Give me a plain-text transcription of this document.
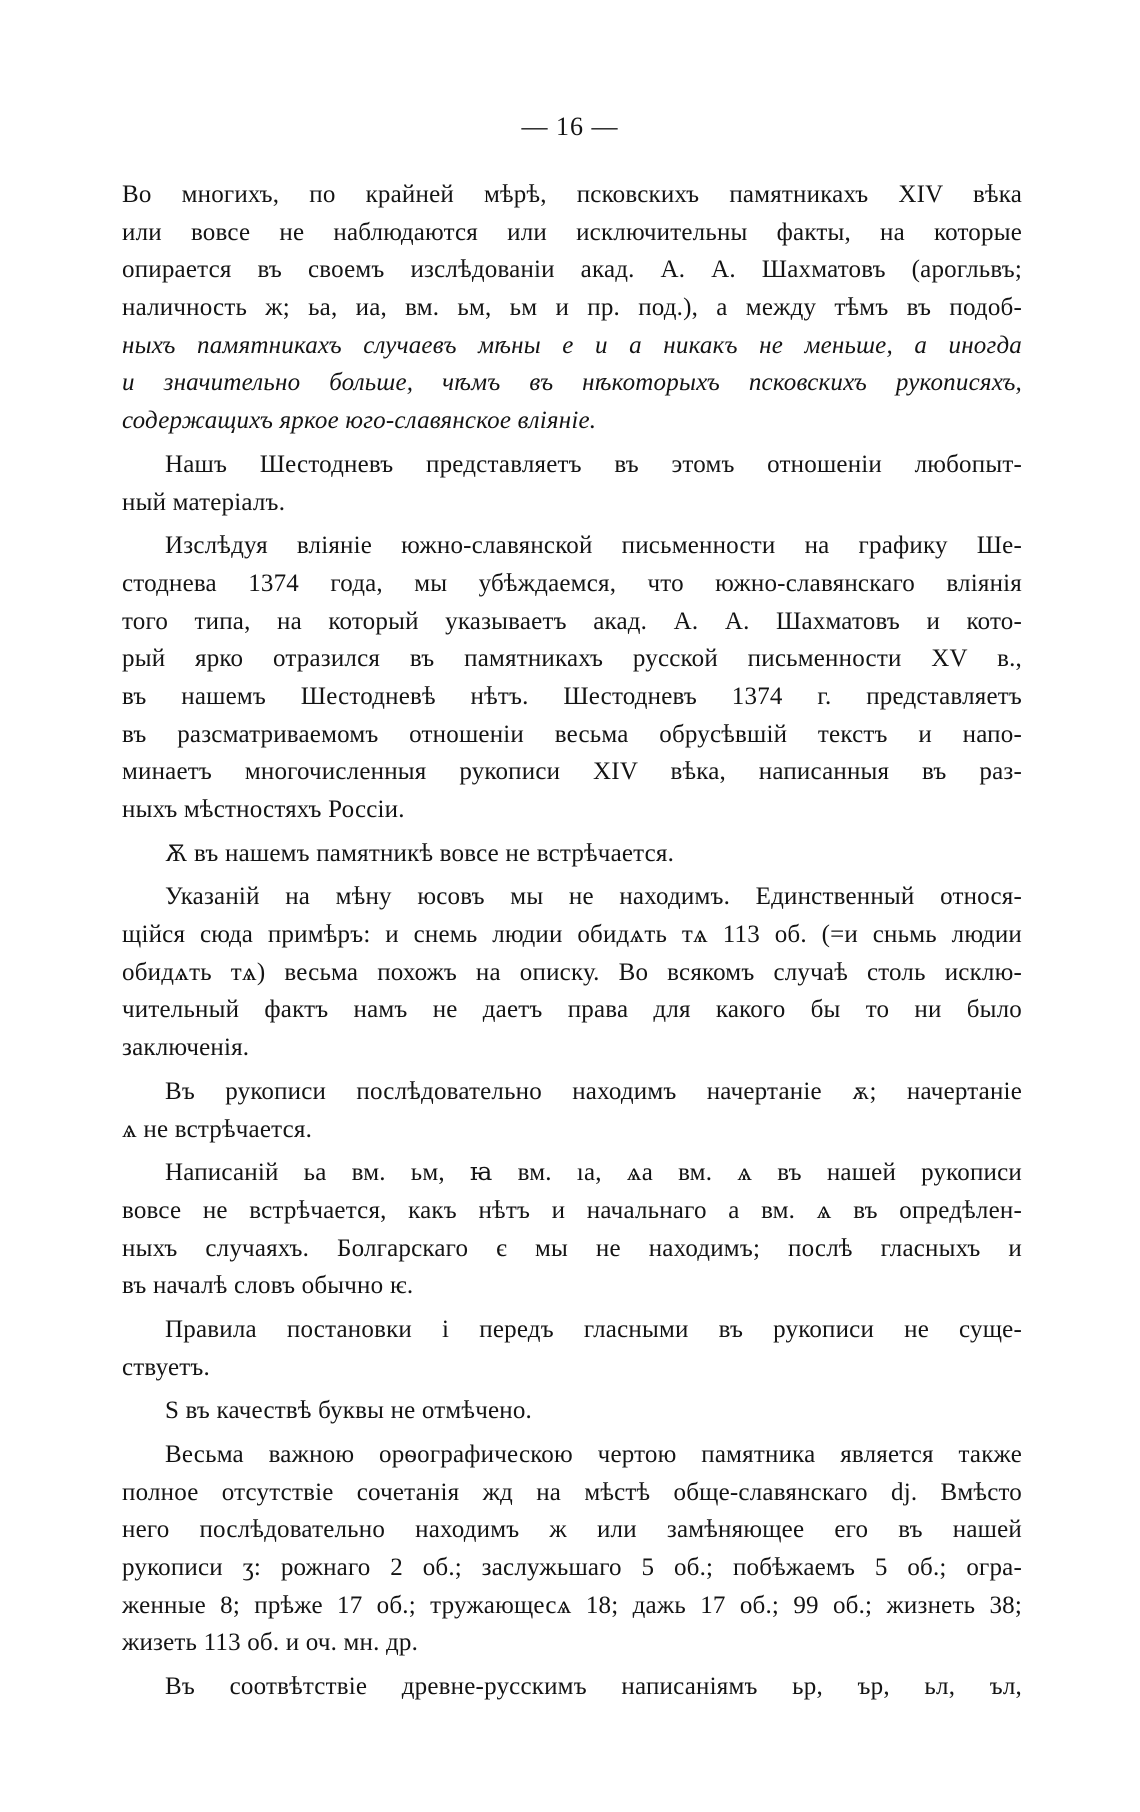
— 16 —
Во многихъ, по крайней мѣрѣ, псковскихъ памятникахъ XIV вѣка
или вовсе не наблюдаются или исключительны факты, на которые
опирается въ своемъ изслѣдованіи акад. А. А. Шахматовъ (арогльвъ;
наличность ж; ьа, иа, вм. ьм, ьм и пр. под.), а между тѣмъ въ подоб-
ныхъ памятникахъ случаевъ мѣны е и а никакъ не меньше, а иногда
и значительно больше, чѣмъ въ нѣкоторыхъ псковскихъ рукописяхъ,
содержащихъ яркое юго-славянское вліяніе.
Нашъ Шестодневъ представляетъ въ этомъ отношеніи любопыт-
ный матеріалъ.
Изслѣдуя вліяніе южно-славянской письменности на графику Ше-
стоднева 1374 года, мы убѣждаемся, что южно-славянскаго вліянія
того типа, на который указываетъ акад. А. А. Шахматовъ и кото-
рый ярко отразился въ памятникахъ русской письменности XV в.,
въ нашемъ Шестодневѣ нѣтъ. Шестодневъ 1374 г. представляетъ
въ разсматриваемомъ отношеніи весьма обрусѣвшій текстъ и напо-
минаетъ многочисленныя рукописи XIV вѣка, написанныя въ раз-
ныхъ мѣстностяхъ Россіи.
Ѫ въ нашемъ памятникѣ вовсе не встрѣчается.
Указаній на мѣну юсовъ мы не находимъ. Единственный относя-
щійся сюда примѣръ: и снемь людии обидѧть тѧ 113 об. (=и сньмь людии
обидѧть тѧ) весьма похожъ на описку. Во всякомъ случаѣ столь исклю-
чительный фактъ намъ не даетъ права для какого бы то ни было
заключенія.
Въ рукописи послѣдовательно находимъ начертаніе ѫ; начертаніе
ѧ не встрѣчается.
Написаній ьа вм. ьм, ꙗ вм. ıа, ѧа вм. ѧ въ нашей рукописи
вовсе не встрѣчается, какъ нѣтъ и начальнаго а вм. ѧ въ опредѣлен-
ныхъ случаяхъ. Болгарскаго є мы не находимъ; послѣ гласныхъ и
въ началѣ словъ обычно ѥ.
Правила постановки і передъ гласными въ рукописи не суще-
ствуетъ.
Ѕ въ качествѣ буквы не отмѣчено.
Весьма важною орѳографическою чертою памятника является также
полное отсутствіе сочетанія жд на мѣстѣ обще-славянскаго dj. Вмѣсто
него послѣдовательно находимъ ж или замѣняющее его въ нашей
рукописи ӡ: рожнаго 2 об.; заслужьшаго 5 об.; побѣжаемъ 5 об.; огра-
женные 8; прѣже 17 об.; тружающесѧ 18; дажь 17 об.; 99 об.; жизнеть 38;
жизеть 113 об. и оч. мн. др.
Въ соотвѣтствіе древне-русскимъ написаніямъ ьр, ър, ьл, ъл,
